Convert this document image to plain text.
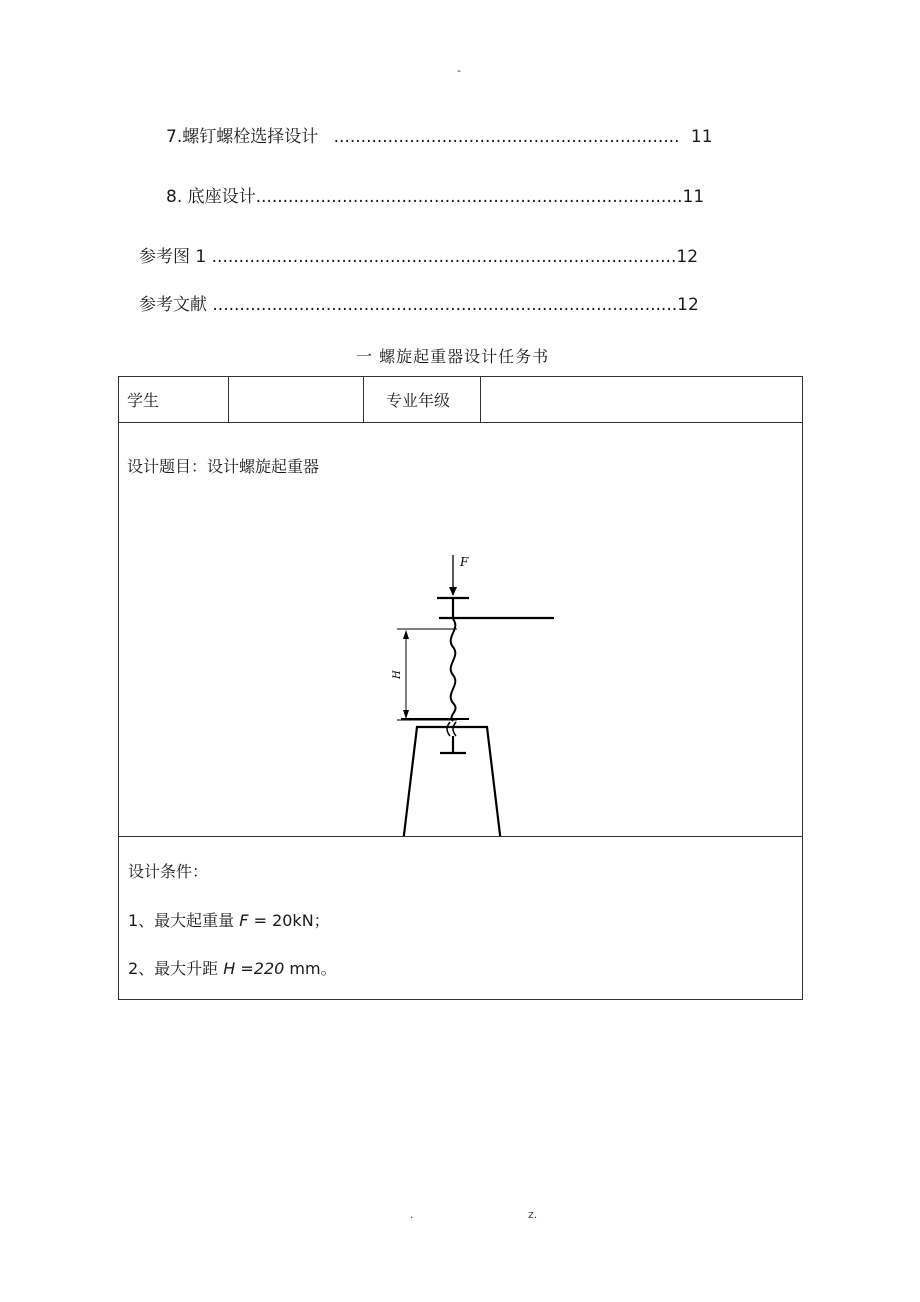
-
7.螺钉螺栓选择设计 ................................................................ 11
8. 底座设计...............................................................................11
参考图 1 ......................................................................................12
参考文献 ......................................................................................12
一 螺旋起重器设计任务书
学生		专业年级	

设计题目：设计螺旋起重器
F
H

设计条件：
1、最大起重量 F = 20kN；
2、最大升距 H =220 mm。
.	z.
